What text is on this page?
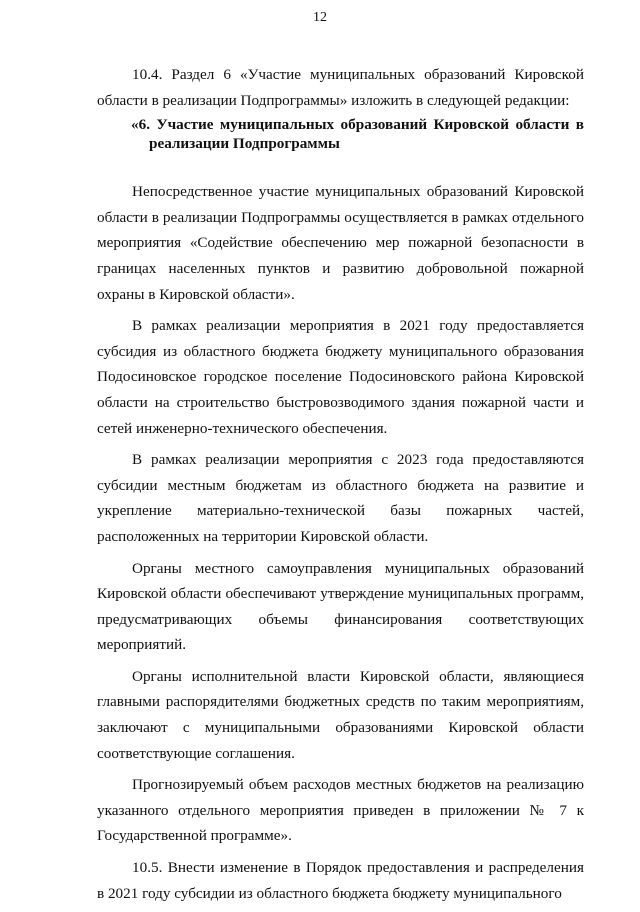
12

10.4. Раздел 6 «Участие муниципальных образований Кировской области в реализации Подпрограммы» изложить в следующей редакции:

«6. Участие муниципальных образований Кировской области в реализации Подпрограммы

Непосредственное участие муниципальных образований Кировской области в реализации Подпрограммы осуществляется в рамках отдельного мероприятия «Содействие обеспечению мер пожарной безопасности в границах населенных пунктов и развитию добровольной пожарной охраны в Кировской области».

В рамках реализации мероприятия в 2021 году предоставляется субсидия из областного бюджета бюджету муниципального образования Подосиновское городское поселение Подосиновского района Кировской области на строительство быстровозводимого здания пожарной части и сетей инженерно-технического обеспечения.

В рамках реализации мероприятия с 2023 года предоставляются субсидии местным бюджетам из областного бюджета на развитие и укрепление материально-технической базы пожарных частей, расположенных на территории Кировской области.

Органы местного самоуправления муниципальных образований Кировской области обеспечивают утверждение муниципальных программ, предусматривающих объемы финансирования соответствующих мероприятий.

Органы исполнительной власти Кировской области, являющиеся главными распорядителями бюджетных средств по таким мероприятиям, заключают с муниципальными образованиями Кировской области соответствующие соглашения.

Прогнозируемый объем расходов местных бюджетов на реализацию указанного отдельного мероприятия приведен в приложении № 7 к Государственной программе».

10.5. Внести изменение в Порядок предоставления и распределения в 2021 году субсидии из областного бюджета бюджету муниципального
